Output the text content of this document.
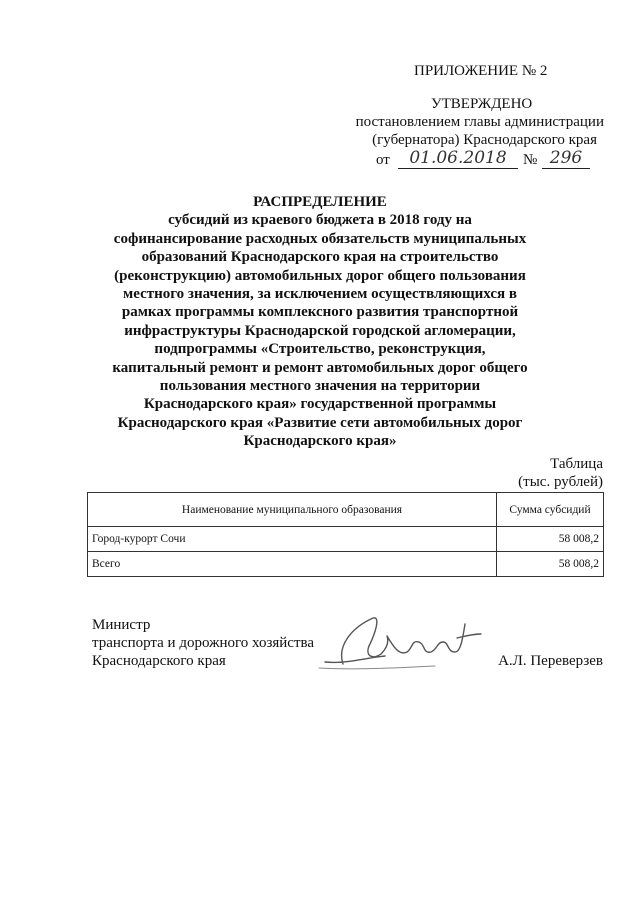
ПРИЛОЖЕНИЕ № 2
УТВЕРЖДЕНО
постановлением главы администрации
(губернатора) Краснодарского края
от	01.06.2018	№ 296
РАСПРЕДЕЛЕНИЕ
субсидий из краевого бюджета в 2018 году на
софинансирование расходных обязательств муниципальных
образований Краснодарского края на строительство
(реконструкцию) автомобильных дорог общего пользования
местного значения, за исключением осуществляющихся в
рамках программы комплексного развития транспортной
инфраструктуры Краснодарской городской агломерации,
подпрограммы «Строительство, реконструкция,
капитальный ремонт и ремонт автомобильных дорог общего
пользования местного значения на территории
Краснодарского края» государственной программы
Краснодарского края «Развитие сети автомобильных дорог
Краснодарского края»
Таблица
(тыс. рублей)
Наименование муниципального образования	Сумма субсидий
Город-курорт Сочи	58 008,2
Всего	58 008,2
Министр
транспорта и дорожного хозяйства
Краснодарского края	А.Л. Переверзев
